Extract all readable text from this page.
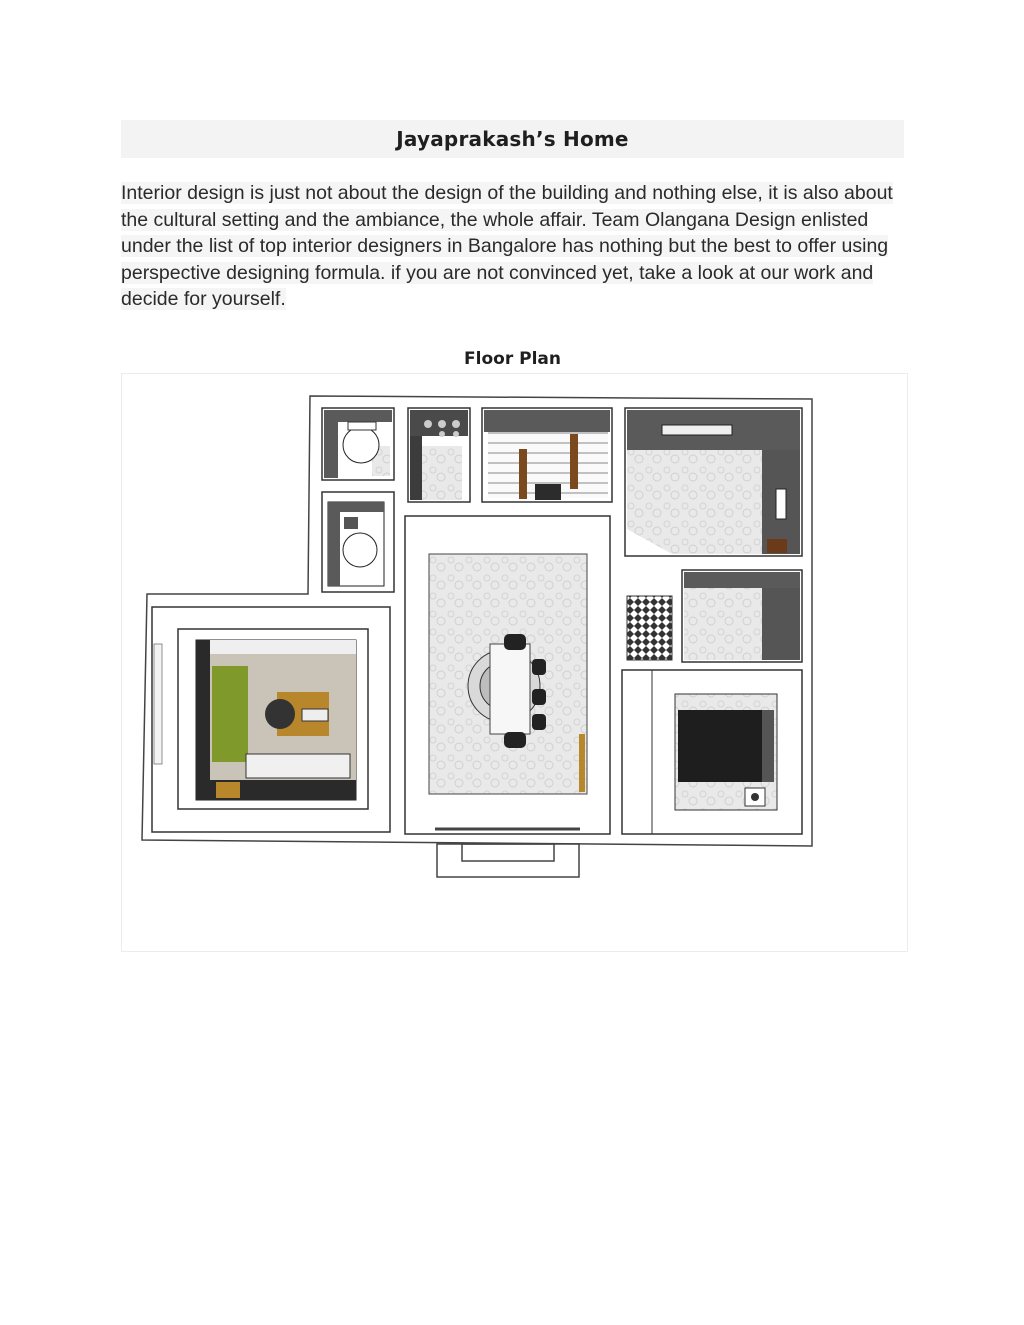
Jayaprakash’s Home

Interior design is just not about the design of the building and nothing else, it is also about the cultural setting and the ambiance, the whole affair. Team Olangana Design enlisted under the list of top interior designers in Bangalore has nothing but the best to offer using perspective designing formula. if you are not convinced yet, take a look at our work and decide for yourself.

Floor Plan
